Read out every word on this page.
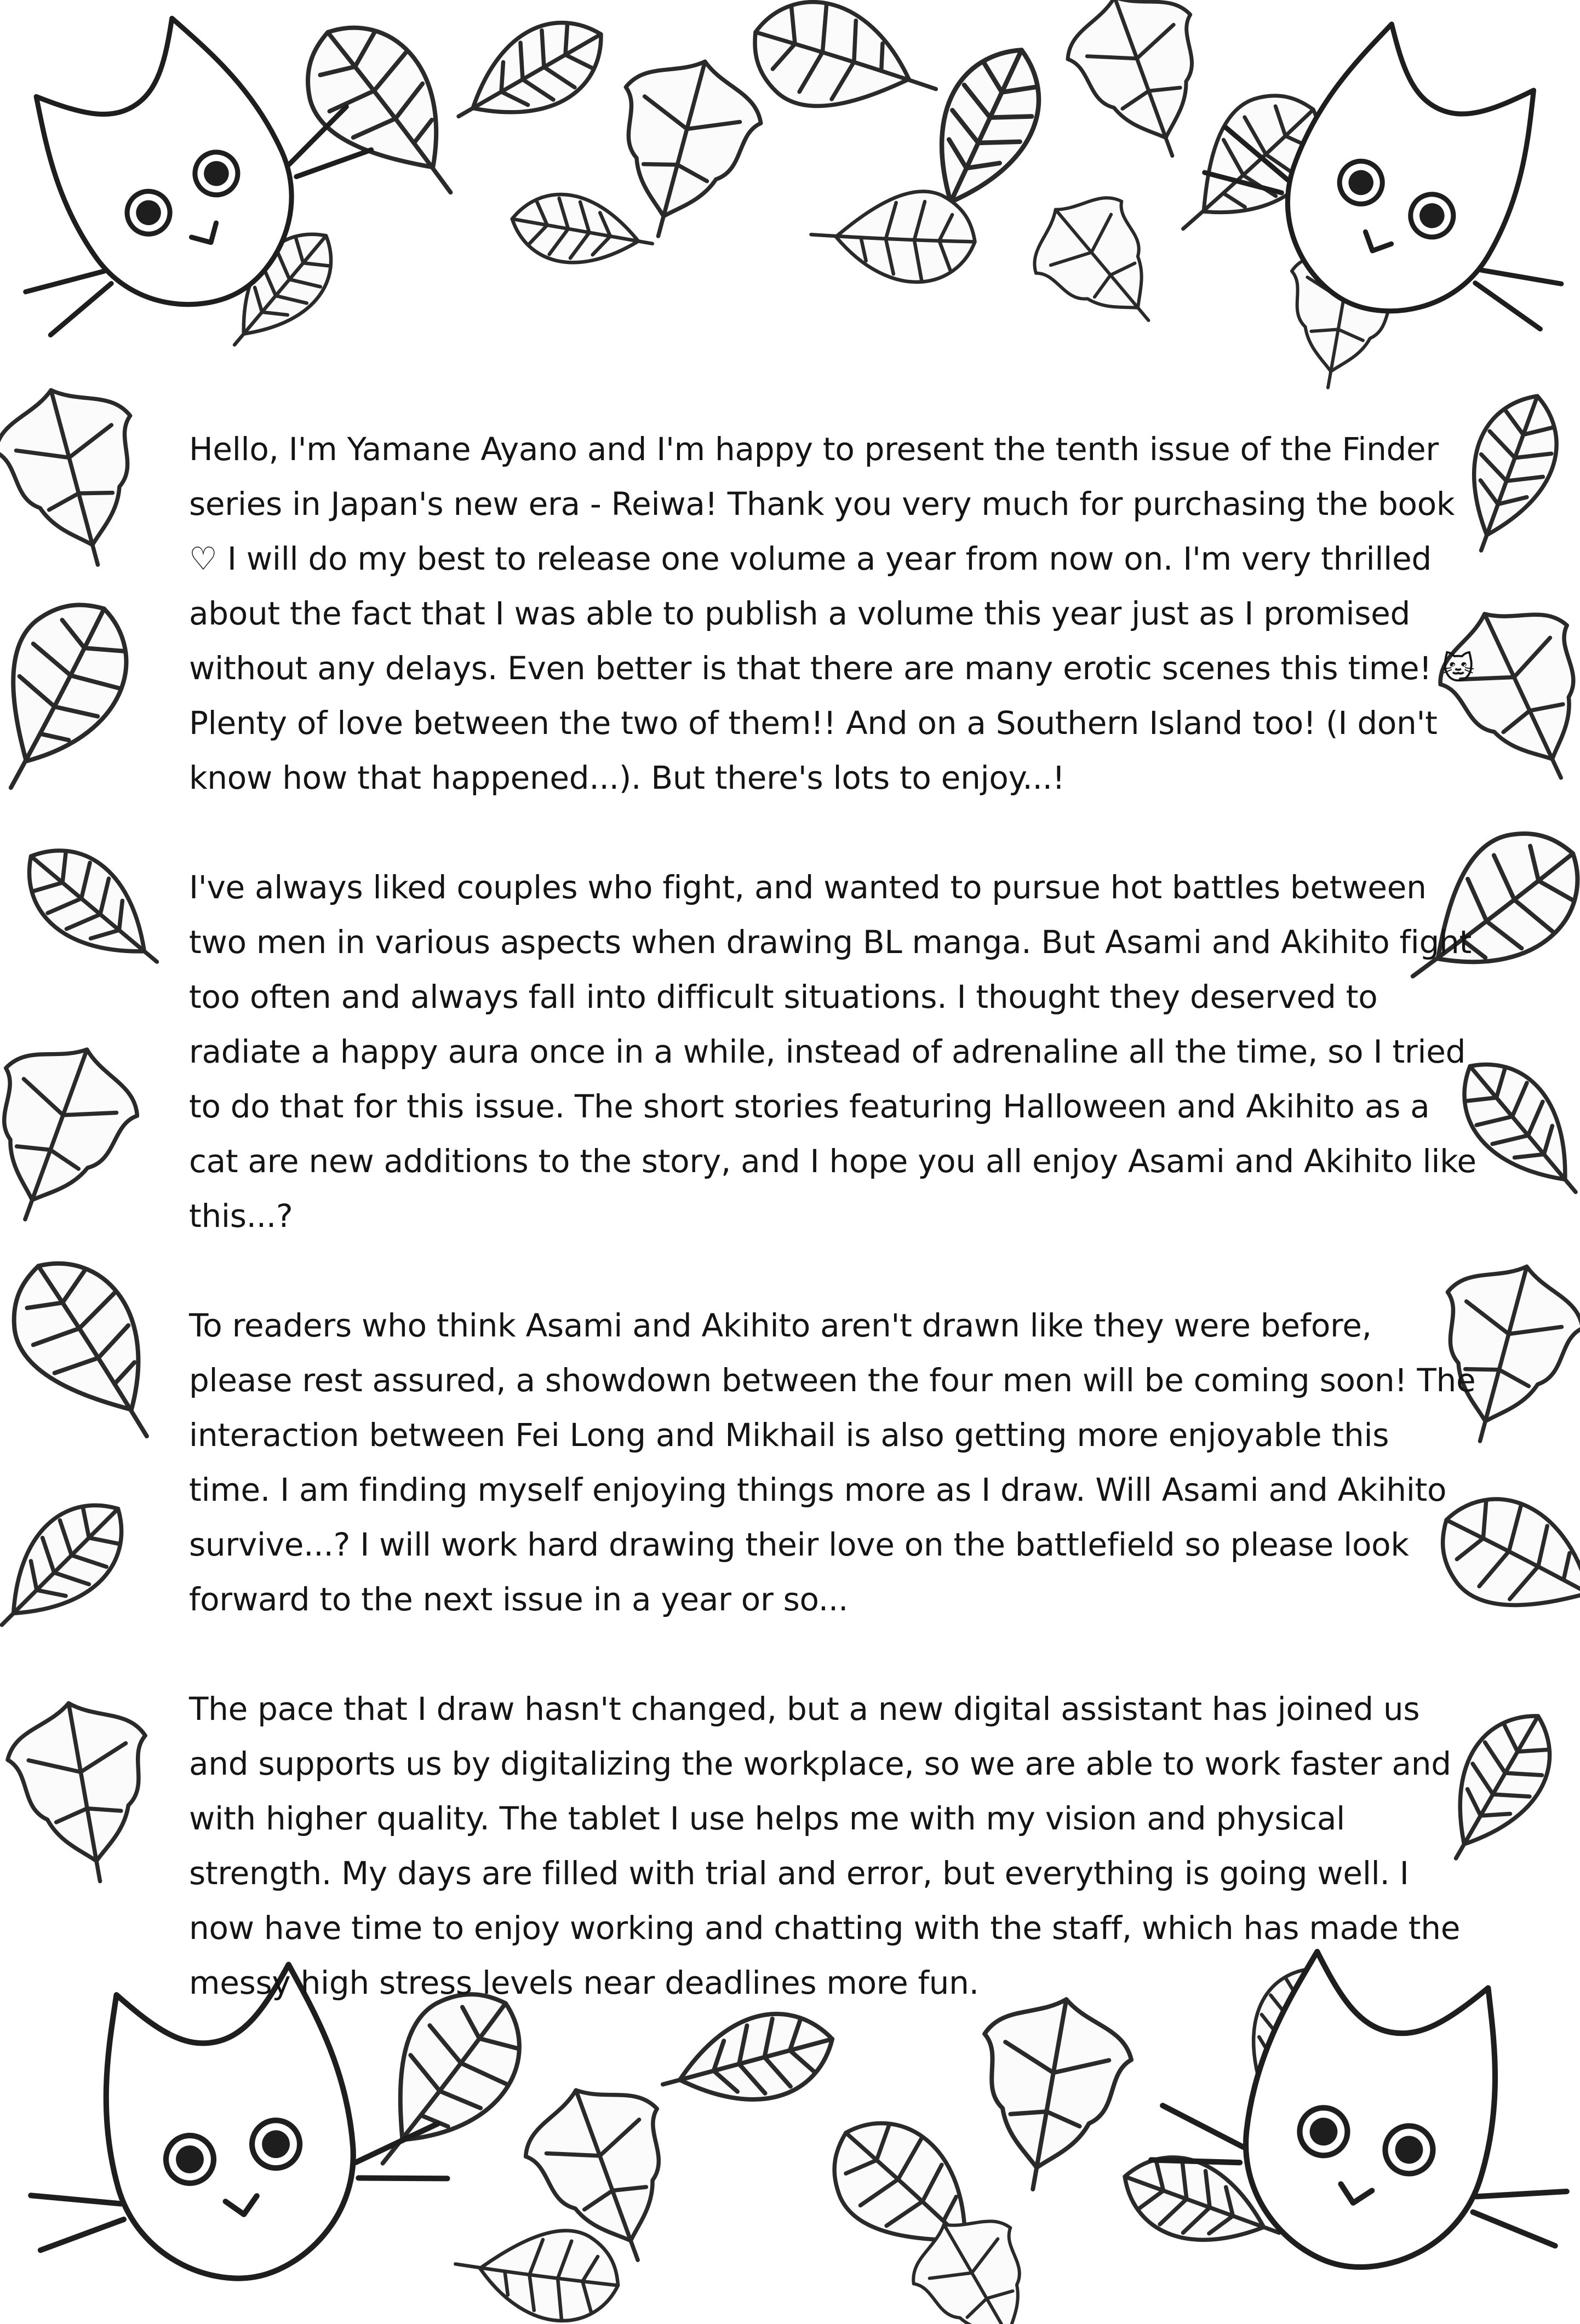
Hello, I'm Yamane Ayano and I'm happy to present the tenth issue of the Finder series in Japan's new era - Reiwa! Thank you very much for purchasing the book ♡ I will do my best to release one volume a year from now on. I'm very thrilled about the fact that I was able to publish a volume this year just as I promised without any delays. Even better is that there are many erotic scenes this time! 🐱 Plenty of love between the two of them!! And on a Southern Island too! (I don't know how that happened...). But there's lots to enjoy...!

I've always liked couples who fight, and wanted to pursue hot battles between two men in various aspects when drawing BL manga. But Asami and Akihito fight too often and always fall into difficult situations. I thought they deserved to radiate a happy aura once in a while, instead of adrenaline all the time, so I tried to do that for this issue. The short stories featuring Halloween and Akihito as a cat are new additions to the story, and I hope you all enjoy Asami and Akihito like this...?

To readers who think Asami and Akihito aren't drawn like they were before, please rest assured, a showdown between the four men will be coming soon! The interaction between Fei Long and Mikhail is also getting more enjoyable this time. I am finding myself enjoying things more as I draw. Will Asami and Akihito survive...? I will work hard drawing their love on the battlefield so please look forward to the next issue in a year or so...

The pace that I draw hasn't changed, but a new digital assistant has joined us and supports us by digitalizing the workplace, so we are able to work faster and with higher quality. The tablet I use helps me with my vision and physical strength. My days are filled with trial and error, but everything is going well. I now have time to enjoy working and chatting with the staff, which has made the messy high stress levels near deadlines more fun.
